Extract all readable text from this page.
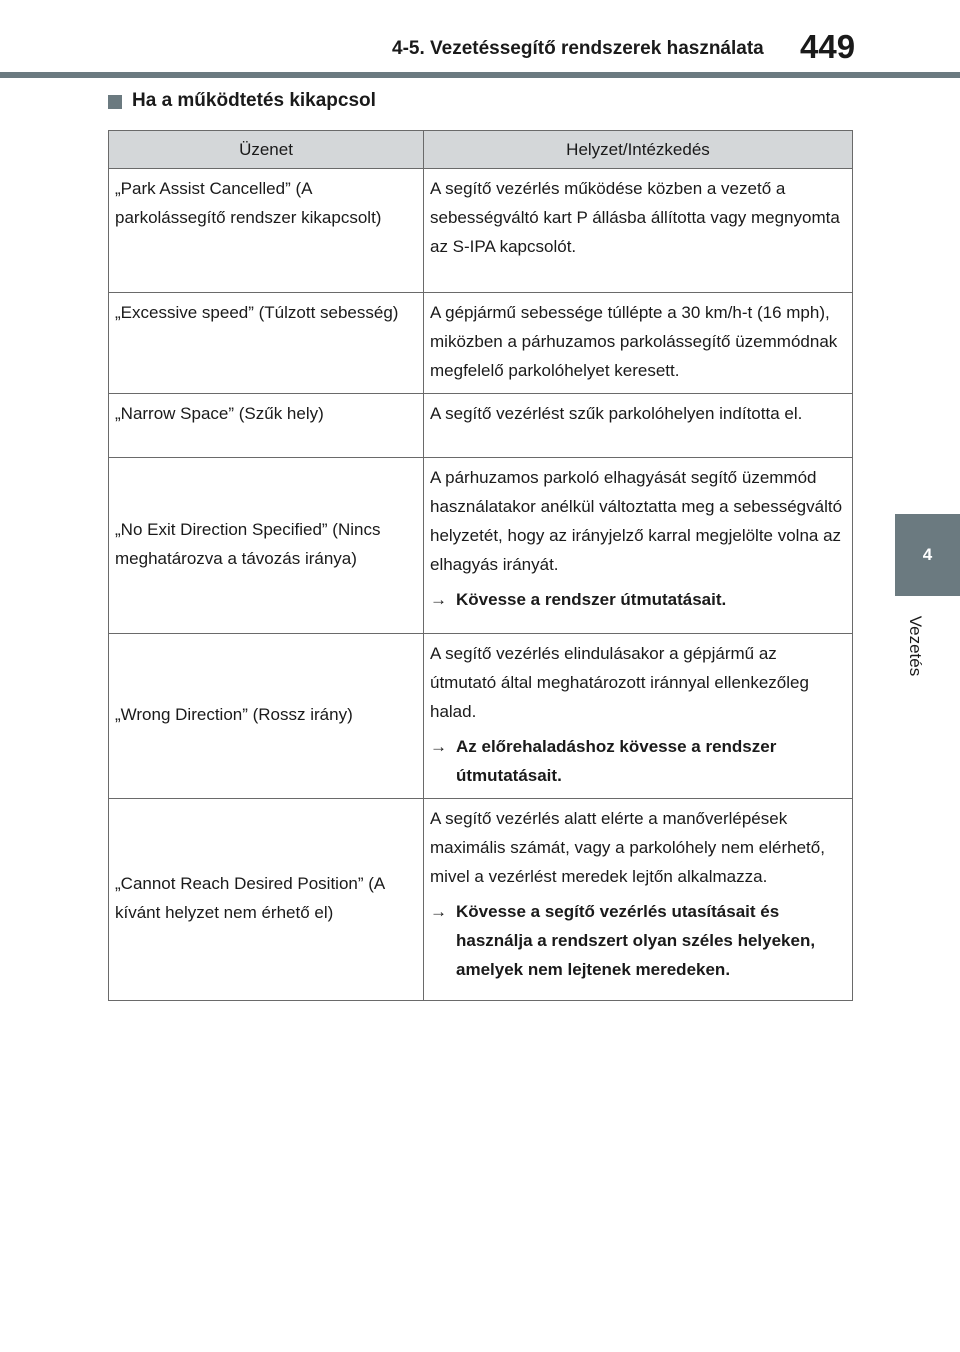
4-5. Vezetéssegítő rendszerek használata 449
4
Vezetés
Ha a működtetés kikapcsol
Üzenet	Helyzet/Intézkedés
„Park Assist Cancelled” (A parkolássegítő rendszer kikapcsolt)	A segítő vezérlés működése közben a vezető a sebességváltó kart P állásba állította vagy megnyomta az S-IPA kapcsolót.
„Excessive speed” (Túlzott sebesség)	A gépjármű sebessége túllépte a 30 km/h-t (16 mph), miközben a párhuzamos parkolássegítő üzemmódnak megfelelő parkolóhelyet keresett.
„Narrow Space” (Szűk hely)	A segítő vezérlést szűk parkolóhelyen indította el.
„No Exit Direction Specified” (Nincs meghatározva a távozás iránya)	A párhuzamos parkoló elhagyását segítő üzemmód használatakor anélkül változtatta meg a sebességváltó helyzetét, hogy az irányjelző karral megjelölte volna az elhagyás irányát.
→ Kövesse a rendszer útmutatásait.

„Wrong Direction” (Rossz irány)	A segítő vezérlés elindulásakor a gépjármű az útmutató által meghatározott iránnyal ellenkezőleg halad.
→ Az előrehaladáshoz kövesse a rendszer útmutatásait.

„Cannot Reach Desired Position” (A kívánt helyzet nem érhető el)	A segítő vezérlés alatt elérte a manőverlépések maximális számát, vagy a parkolóhely nem elérhető, mivel a vezérlést meredek lejtőn alkalmazza.
→ Kövesse a segítő vezérlés utasításait és használja a rendszert olyan széles helyeken, amelyek nem lejtenek meredeken.
